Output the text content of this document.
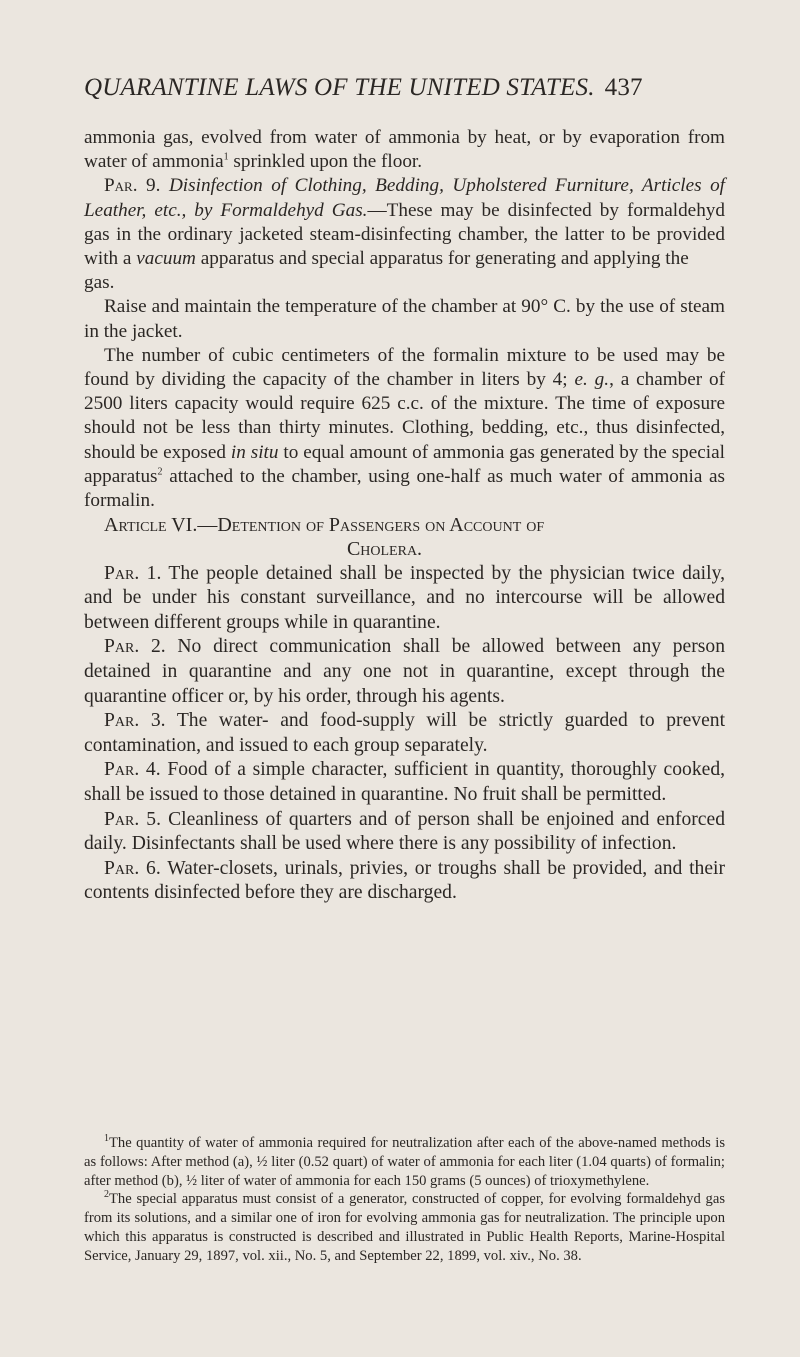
QUARANTINE LAWS OF THE UNITED STATES. 437

ammonia gas, evolved from water of ammonia by heat, or by evaporation from water of ammonia$^1$ sprinkled upon the floor.

Par. 9. Disinfection of Clothing, Bedding, Upholstered Furniture, Articles of Leather, etc., by Formaldehyd Gas.—These may be disinfected by formaldehyd gas in the ordinary jacketed steam-disinfecting chamber, the latter to be provided with a vacuum apparatus and special apparatus for generating and applying the

gas.

Raise and maintain the temperature of the chamber at 90° C. by the use of steam in the jacket.

The number of cubic centimeters of the formalin mixture to be used may be found by dividing the capacity of the chamber in liters by 4; e. g., a chamber of 2500 liters capacity would require 625 c.c. of the mixture. The time of exposure should not be less than thirty minutes. Clothing, bedding, etc., thus disinfected, should be exposed in situ to equal amount of ammonia gas generated by the special apparatus$^2$ attached to the chamber, using one-half as much water of ammonia as formalin.

Article VI.—Detention of Passengers on Account of
Cholera.

Par. 1. The people detained shall be inspected by the physician twice daily, and be under his constant surveillance, and no intercourse will be allowed between different groups while in quarantine.

Par. 2. No direct communication shall be allowed between any person detained in quarantine and any one not in quarantine, except through the quarantine officer or, by his order, through his agents.

Par. 3. The water- and food-supply will be strictly guarded to prevent contamination, and issued to each group separately.

Par. 4. Food of a simple character, sufficient in quantity, thoroughly cooked, shall be issued to those detained in quarantine. No fruit shall be permitted.

Par. 5. Cleanliness of quarters and of person shall be enjoined and enforced daily. Disinfectants shall be used where there is any possibility of infection.

Par. 6. Water-closets, urinals, privies, or troughs shall be provided, and their contents disinfected before they are discharged.

$^1$The quantity of water of ammonia required for neutralization after each of the above-named methods is as follows: After method (a), ½ liter (0.52 quart) of water of ammonia for each liter (1.04 quarts) of formalin; after method (b), ½ liter of water of ammonia for each 150 grams (5 ounces) of trioxymethylene.

$^2$The special apparatus must consist of a generator, constructed of copper, for evolving formaldehyd gas from its solutions, and a similar one of iron for evolving ammonia gas for neutralization. The principle upon which this apparatus is constructed is described and illustrated in Public Health Reports, Marine-Hospital Service, January 29, 1897, vol. xii., No. 5, and September 22, 1899, vol. xiv., No. 38.
